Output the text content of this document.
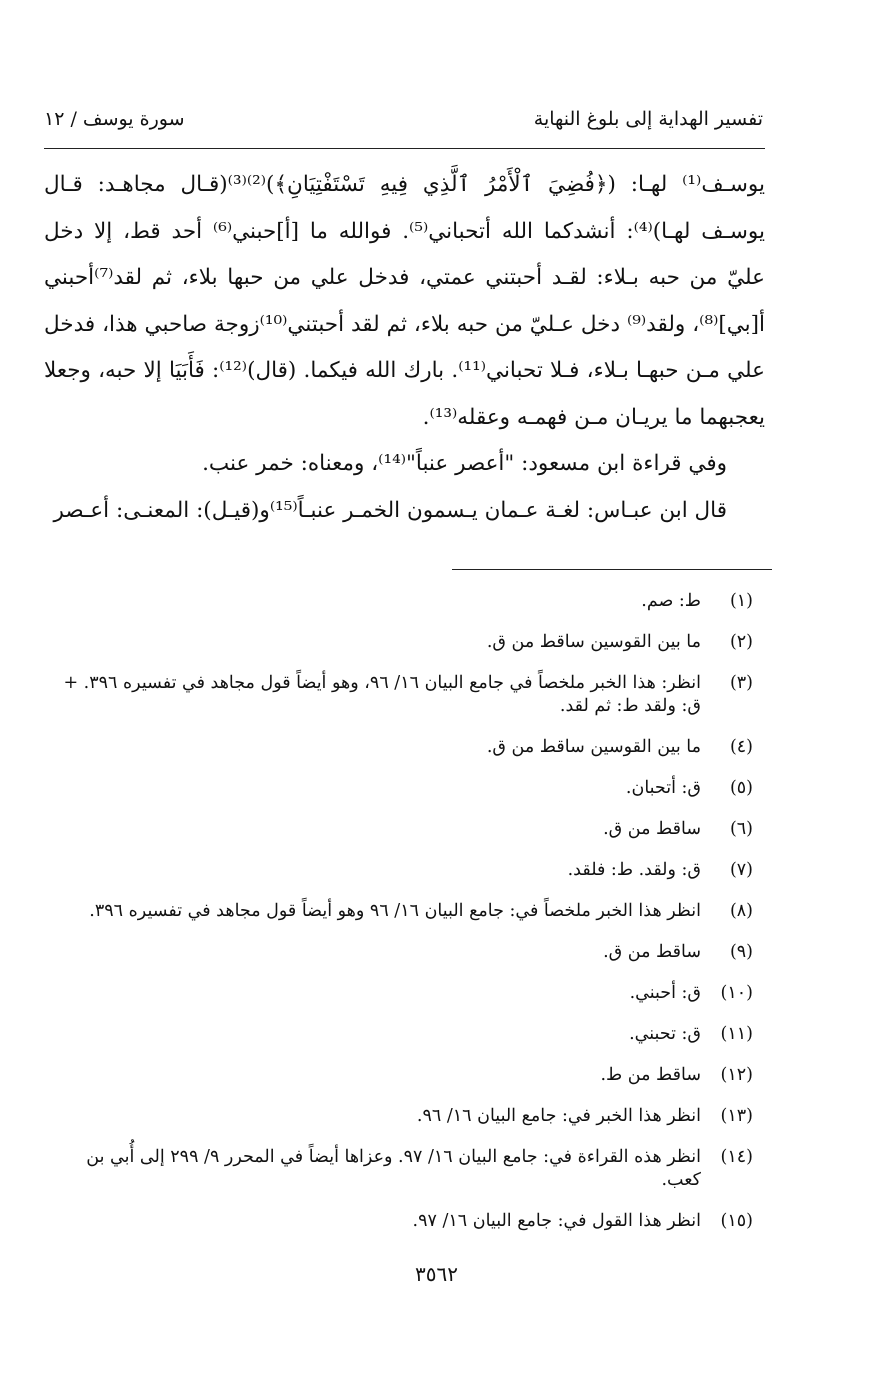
تفسير الهداية إلى بلوغ النهاية
سورة يوسف / ١٢

يوسـف⁽¹⁾ لهـا: (﴿فُضِيَ ٱلْأَمْرُ ٱلَّذِي فِيهِ تَسْتَفْتِيَانِ﴾)⁽²⁾⁽³⁾(قـال مجاهـد: قـال يوسـف لهـا)⁽⁴⁾: أنشدكما الله أتحباني⁽⁵⁾. فوالله ما [أ]حبني⁽⁶⁾ أحد قط، إلا دخل عليّ من حبه بـلاء: لقـد أحبتني عمتي، فدخل علي من حبها بلاء، ثم لقد⁽⁷⁾أحبني أ[بي]⁽⁸⁾، ولقد⁽⁹⁾ دخل عـليّ من حبه بلاء، ثم لقد أحبتني⁽¹⁰⁾زوجة صاحبي هذا، فدخل علي مـن حبهـا بـلاء، فـلا تحباني⁽¹¹⁾. بارك الله فيكما. (قال)⁽¹²⁾: فَأَبَيَا إلا حبه، وجعلا يعجبهما ما يريـان مـن فهمـه وعقله⁽¹³⁾.

وفي قراءة ابن مسعود: "أعصر عنباً"⁽¹⁴⁾، ومعناه: خمر عنب.

قال ابن عبـاس: لغـة عـمان يـسمون الخمـر عنبـاً⁽¹⁵⁾و(قيـل): المعنـى: أعـصر

(١)
ط: صم.
(٢)
ما بين القوسين ساقط من ق.
(٣)
انظر: هذا الخبر ملخصاً في جامع البيان ١٦/ ٩٦، وهو أيضاً قول مجاهد في تفسيره ٣٩٦. + ق: ولقد ط: ثم لقد.
(٤)
ما بين القوسين ساقط من ق.
(٥)
ق: أتحبان.
(٦)
ساقط من ق.
(٧)
ق: ولقد. ط: فلقد.
(٨)
انظر هذا الخبر ملخصاً في: جامع البيان ١٦/ ٩٦ وهو أيضاً قول مجاهد في تفسيره ٣٩٦.
(٩)
ساقط من ق.
(١٠)
ق: أحبني.
(١١)
ق: تحبني.
(١٢)
ساقط من ط.
(١٣)
انظر هذا الخبر في: جامع البيان ١٦/ ٩٦.
(١٤)
انظر هذه القراءة في: جامع البيان ١٦/ ٩٧. وعزاها أيضاً في المحرر ٩/ ٢٩٩ إلى أُبي بن كعب.
(١٥)
انظر هذا القول في: جامع البيان ١٦/ ٩٧.
٣٥٦٢
